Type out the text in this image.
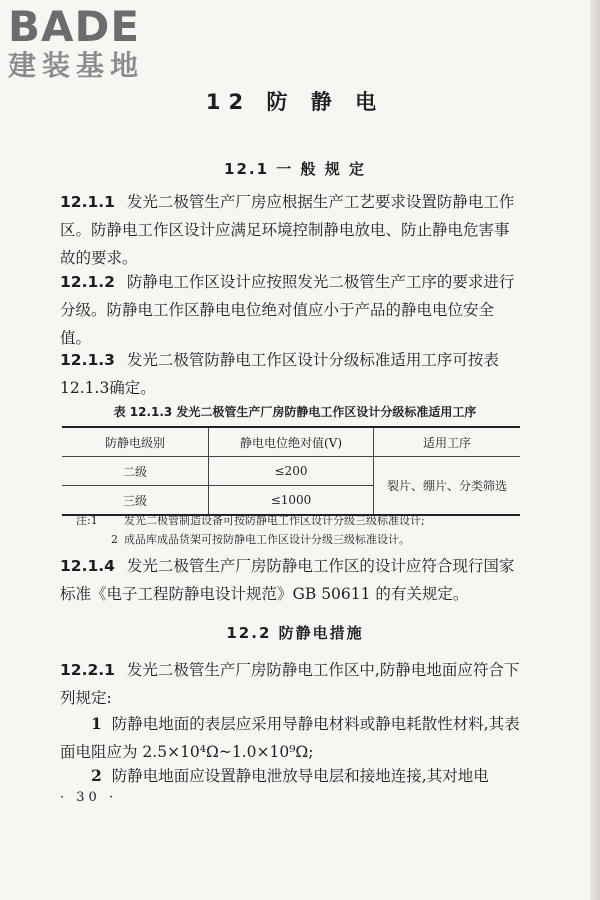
BADE
建装基地
12 防 静 电
12.1 一 般 规 定

12.1.1 发光二极管生产厂房应根据生产工艺要求设置防静电工作区。防静电工作区设计应满足环境控制静电放电、防止静电危害事故的要求。

12.1.2 防静电工作区设计应按照发光二极管生产工序的要求进行分级。防静电工作区静电电位绝对值应小于产品的静电电位安全值。

12.1.3 发光二极管防静电工作区设计分级标准适用工序可按表12.1.3确定。

表 12.1.3 发光二极管生产厂房防静电工作区设计分级标准适用工序
防静电级别	静电电位绝对值(V)	适用工序
二级	≤200	裂片、绷片、分类筛选
三级	≤1000	

注:1 发光二极管制造设备可按防静电工作区设计分级三级标准设计;

2 成品库成品货架可按防静电工作区设计分级三级标准设计。

12.1.4 发光二极管生产厂房防静电工作区的设计应符合现行国家标准《电子工程防静电设计规范》GB 50611 的有关规定。

12.2 防静电措施

12.2.1 发光二极管生产厂房防静电工作区中,防静电地面应符合下列规定:

1 防静电地面的表层应采用导静电材料或静电耗散性材料,其表面电阻应为 2.5×10⁴Ω~1.0×10⁹Ω;

2 防静电地面应设置静电泄放导电层和接地连接,其对地电

· 30 ·
